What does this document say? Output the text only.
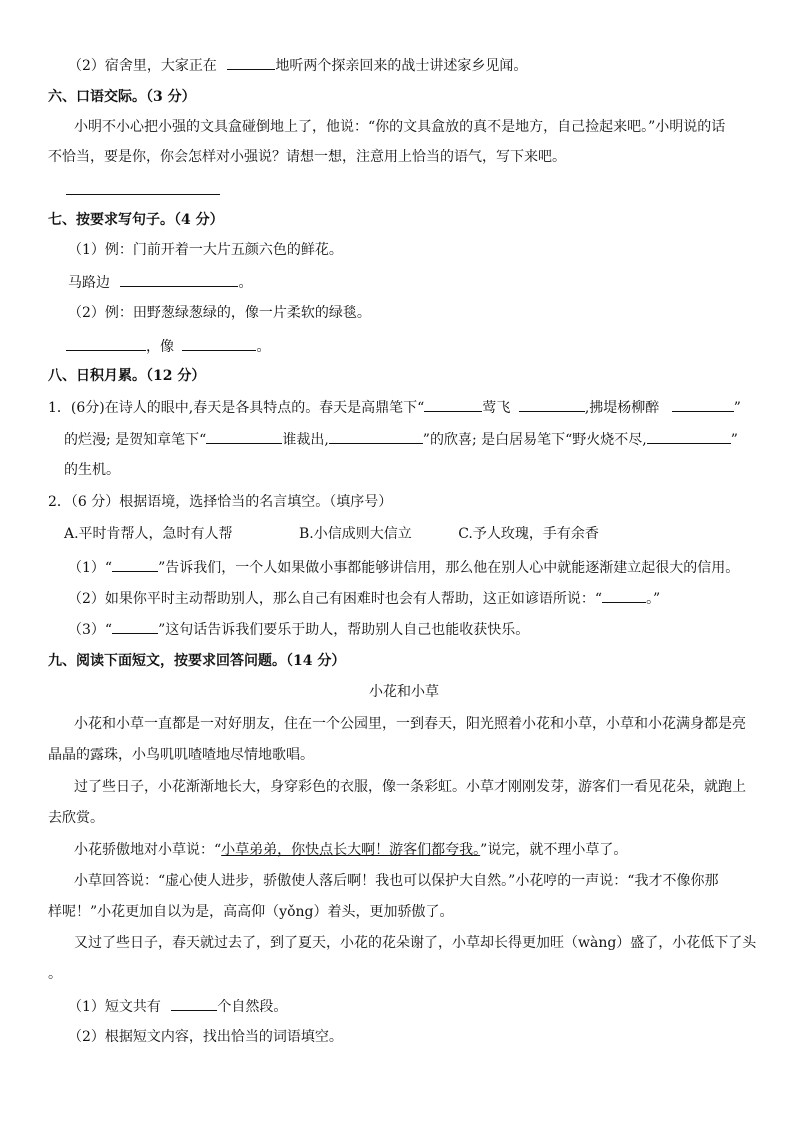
（2）宿舍里，大家正在	地听两个探亲回来的战士讲述家乡见闻。
六、口语交际。（3 分）
小明不小心把小强的文具盒碰倒地上了，他说：“你的文具盒放的真不是地方，自己捡起来吧。”小明说的话
不恰当，要是你，你会怎样对小强说？请想一想，注意用上恰当的语气，写下来吧。
七、按要求写句子。（4 分）
（1）例：门前开着一大片五颜六色的鲜花。
马路边	。
（2）例：田野葱绿葱绿的，像一片柔软的绿毯。
，像	。
八、日积月累。（12 分）
1．(6分)在诗人的眼中,春天是各具特点的。春天是高鼎笔下“	莺飞	,拂堤杨柳醉	”
的烂漫; 是贺知章笔下“	谁裁出,	”的欣喜; 是白居易笔下“野火烧不尽,	”
的生机。
2．（6 分）根据语境，选择恰当的名言填空。（填序号）
A.平时肯帮人，急时有人帮	B.小信成则大信立	C.予人玫瑰，手有余香
（1）“	”告诉我们，一个人如果做小事都能够讲信用，那么他在别人心中就能逐渐建立起很大的信用。
（2）如果你平时主动帮助别人，那么自己有困难时也会有人帮助，这正如谚语所说：“	。”
（3）“	”这句话告诉我们要乐于助人，帮助别人自己也能收获快乐。
九、阅读下面短文，按要求回答问题。（14 分）
小花和小草
小花和小草一直都是一对好朋友，住在一个公园里，一到春天，阳光照着小花和小草，小草和小花满身都是亮
晶晶的露珠，小鸟叽叽喳喳地尽情地歌唱。
过了些日子，小花渐渐地长大，身穿彩色的衣服，像一条彩虹。小草才刚刚发芽，游客们一看见花朵，就跑上
去欣赏。
小花骄傲地对小草说：“小草弟弟，你快点长大啊！游客们都夸我。”说完，就不理小草了。
小草回答说：“虚心使人进步，骄傲使人落后啊！我也可以保护大自然。”小花哼的一声说：“我才不像你那
样呢！”小花更加自以为是，高高仰（yǒng）着头，更加骄傲了。
又过了些日子，春天就过去了，到了夏天，小花的花朵谢了，小草却长得更加旺（wàng）盛了，小花低下了头
。
（1）短文共有	个自然段。
（2）根据短文内容，找出恰当的词语填空。
